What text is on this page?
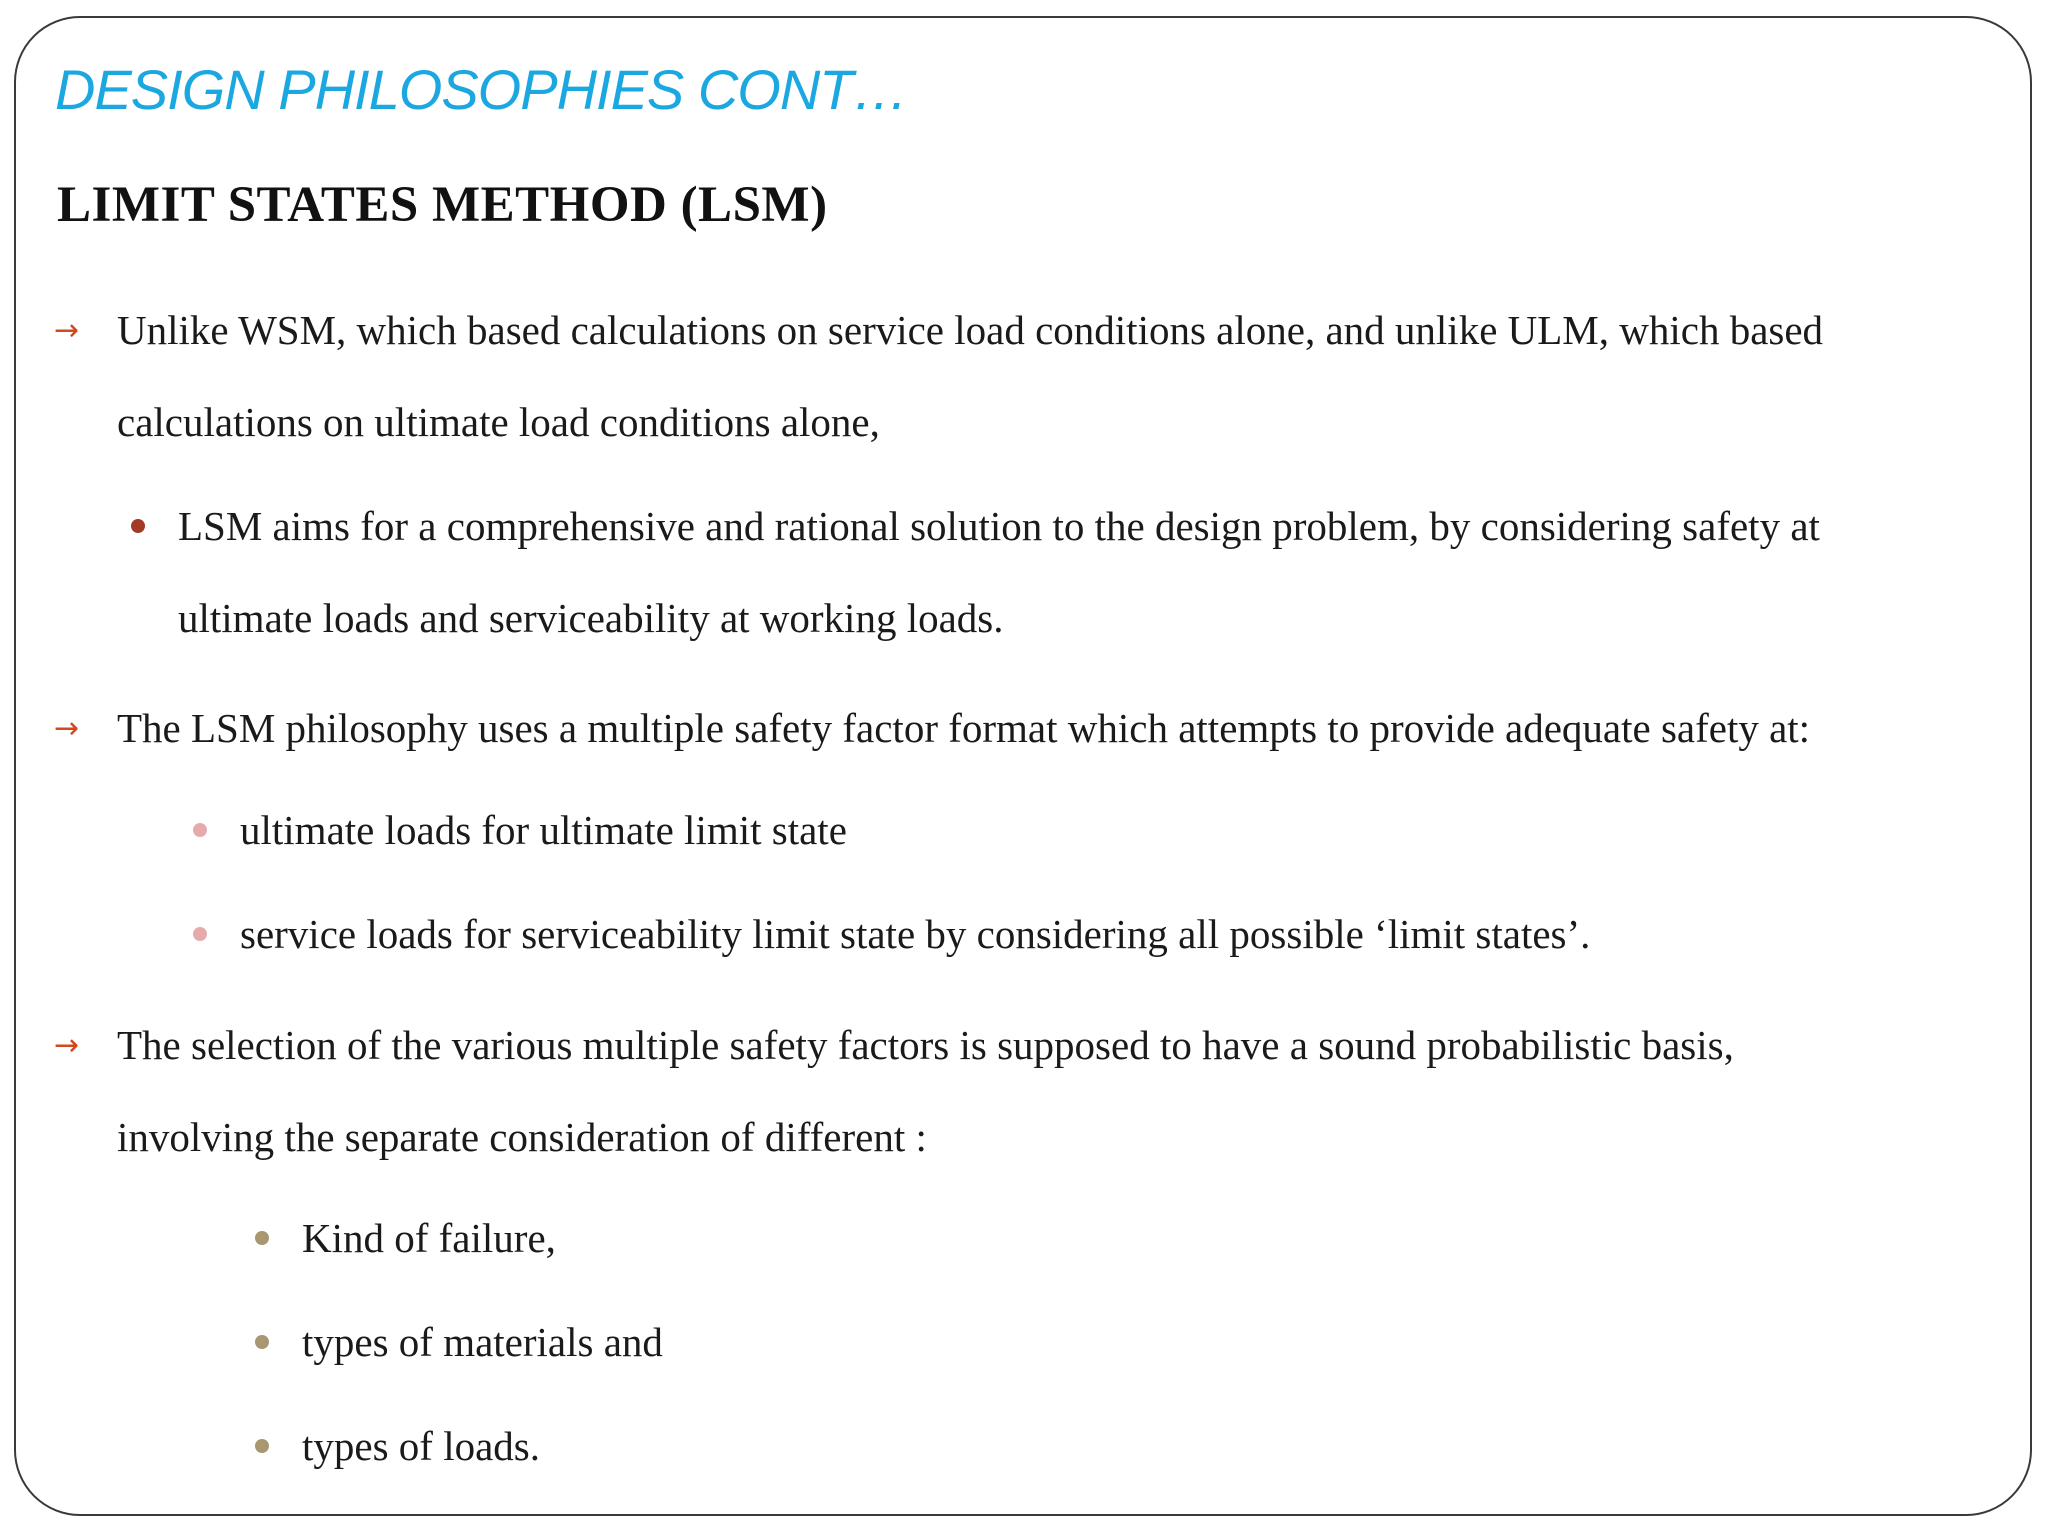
DESIGN PHILOSOPHIES CONT…
LIMIT STATES METHOD (LSM)
→ Unlike WSM, which based calculations on service load conditions alone, and unlike ULM, which based
calculations on ultimate load conditions alone,
LSM aims for a comprehensive and rational solution to the design problem, by considering safety at
ultimate loads and serviceability at working loads.
→ The LSM philosophy uses a multiple safety factor format which attempts to provide adequate safety at:
ultimate loads for ultimate limit state
service loads for serviceability limit state by considering all possible ‘limit states’.
→ The selection of the various multiple safety factors is supposed to have a sound probabilistic basis,
involving the separate consideration of different :
Kind of failure,
types of materials and
types of loads.
